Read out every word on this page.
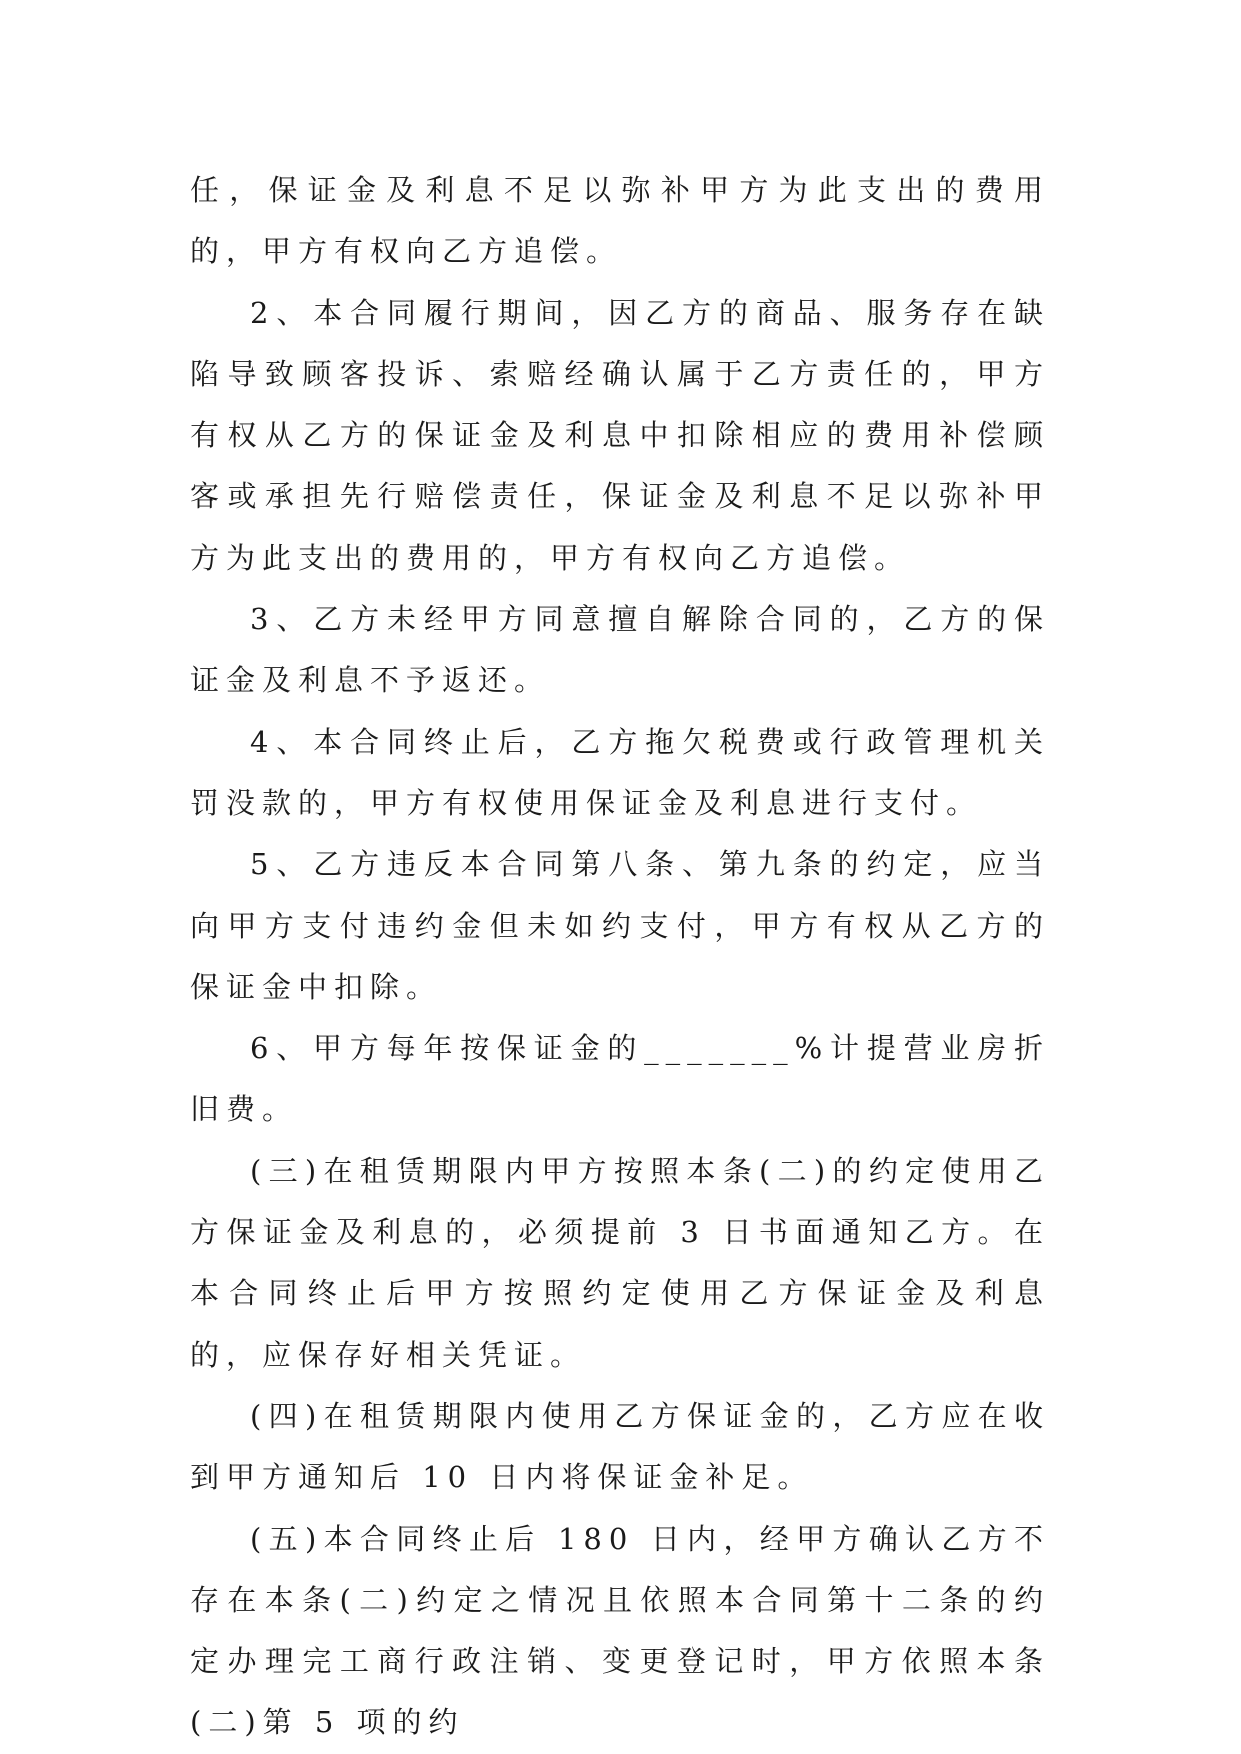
任，保证金及利息不足以弥补甲方为此支出的费用的，甲方有权向乙方追偿。

2、本合同履行期间，因乙方的商品、服务存在缺陷导致顾客投诉、索赔经确认属于乙方责任的，甲方有权从乙方的保证金及利息中扣除相应的费用补偿顾客或承担先行赔偿责任，保证金及利息不足以弥补甲方为此支出的费用的，甲方有权向乙方追偿。

3、乙方未经甲方同意擅自解除合同的，乙方的保证金及利息不予返还。

4、本合同终止后，乙方拖欠税费或行政管理机关罚没款的，甲方有权使用保证金及利息进行支付。

5、乙方违反本合同第八条、第九条的约定，应当向甲方支付违约金但未如约支付，甲方有权从乙方的保证金中扣除。

6、甲方每年按保证金的_______%计提营业房折旧费。

(三)在租赁期限内甲方按照本条(二)的约定使用乙方保证金及利息的，必须提前 3 日书面通知乙方。在本合同终止后甲方按照约定使用乙方保证金及利息的，应保存好相关凭证。

(四)在租赁期限内使用乙方保证金的，乙方应在收到甲方通知后 10 日内将保证金补足。

(五)本合同终止后 180 日内，经甲方确认乙方不存在本条(二)约定之情况且依照本合同第十二条的约定办理完工商行政注销、变更登记时，甲方依照本条(二)第 5 项的约
